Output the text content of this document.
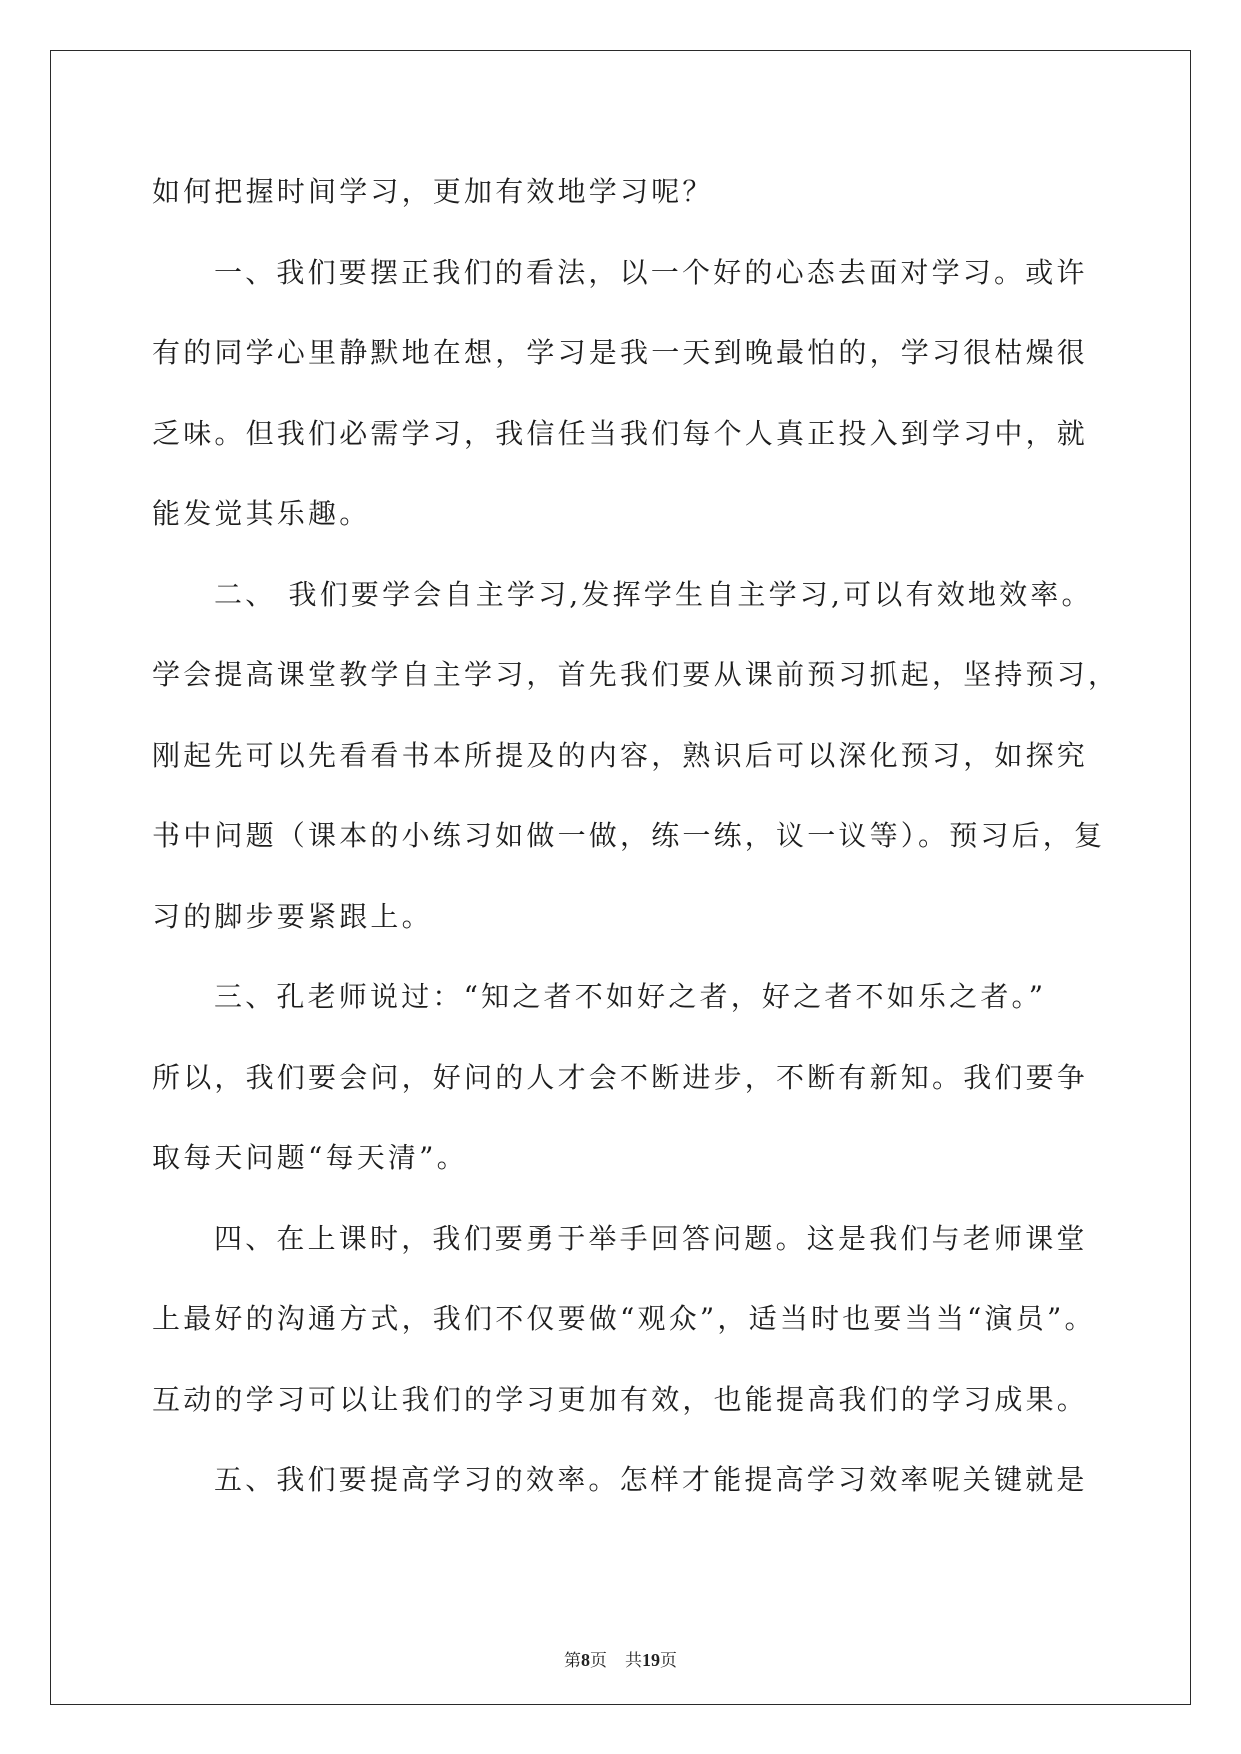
如何把握时间学习，更加有效地学习呢？
一、我们要摆正我们的看法，以一个好的心态去面对学习。或许
有的同学心里静默地在想，学习是我一天到晚最怕的，学习很枯燥很
乏味。但我们必需学习，我信任当我们每个人真正投入到学习中，就
能发觉其乐趣。
二、 我们要学会自主学习,发挥学生自主学习,可以有效地效率。
学会提高课堂教学自主学习，首先我们要从课前预习抓起，坚持预习，
刚起先可以先看看书本所提及的内容，熟识后可以深化预习，如探究
书中问题（课本的小练习如做一做，练一练，议一议等）。预习后，复
习的脚步要紧跟上。
三、孔老师说过：“知之者不如好之者，好之者不如乐之者。”
所以，我们要会问，好问的人才会不断进步，不断有新知。我们要争
取每天问题“每天清”。
四、在上课时，我们要勇于举手回答问题。这是我们与老师课堂
上最好的沟通方式，我们不仅要做“观众”，适当时也要当当“演员”。
互动的学习可以让我们的学习更加有效，也能提高我们的学习成果。
五、我们要提高学习的效率。怎样才能提高学习效率呢关键就是
第8页 共19页
